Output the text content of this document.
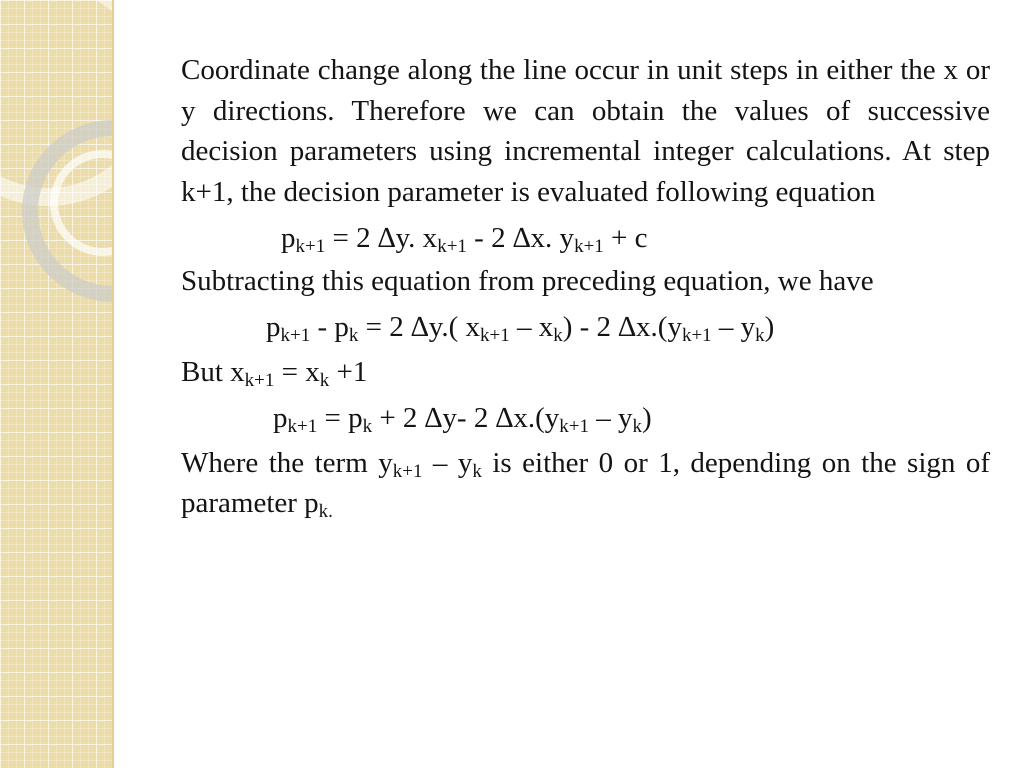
Coordinate change along the line occur in unit steps in either the x or y directions. Therefore we can obtain the values of successive decision parameters using incremental integer calculations. At step k+1, the decision parameter is evaluated following equation

$p_{k+1} = 2$ ∆y. $x_{k+1} - 2$ ∆x. $y_{k+1} + c$

Subtracting this equation from preceding equation, we have

$p_{k+1} - p_k = 2$ ∆y.( $x_{k+1} - x_k) - 2$ $\Delta x.(y_{k+1} - y_k)$

But $x_{k+1} = x_k +1$

$p_{k+1} = p_k + 2$ ∆y- 2 $\Delta x.(y_{k+1} - y_k)$

Where the term $y_{k+1} - y_k$ is either 0 or 1, depending on the sign of parameter $p_{k.}$
